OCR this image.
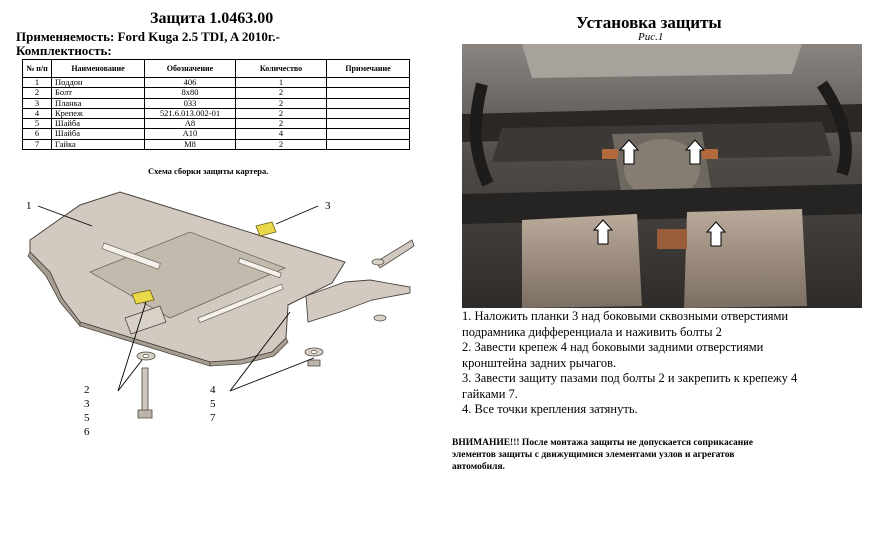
Защита 1.0463.00
Применяемость: Ford Kuga 2.5 TDI, A 2010г.-
Комплектность:
№ п/п	Наименование	Обозначение	Количество	Примечание
1	Поддон	406	1	
2	Болт	8x80	2	
3	Планка	033	2	
4	Крепеж	521.6.013.002-01	2	
5	Шайба	A8	2	
6	Шайба	A10	4	
7	Гайка	M8	2	
Схема сборки защиты картера.
1	3
2
3
5
6
4
5
7
Установка защиты
Рис.1
1. Наложить планки 3 над боковыми сквозными отверстиями
подрамника дифференциала и наживить болты 2
2. Завести крепеж 4 над боковыми задними отверстиями
кронштейна задних рычагов.
3. Завести защиту пазами под болты 2 и закрепить к крепежу 4
гайками 7.
4. Все точки крепления затянуть.
ВНИМАНИЕ!!! После монтажа защиты не допускается соприкасание
элементов защиты с движущимися элементами узлов и агрегатов
автомобиля.
